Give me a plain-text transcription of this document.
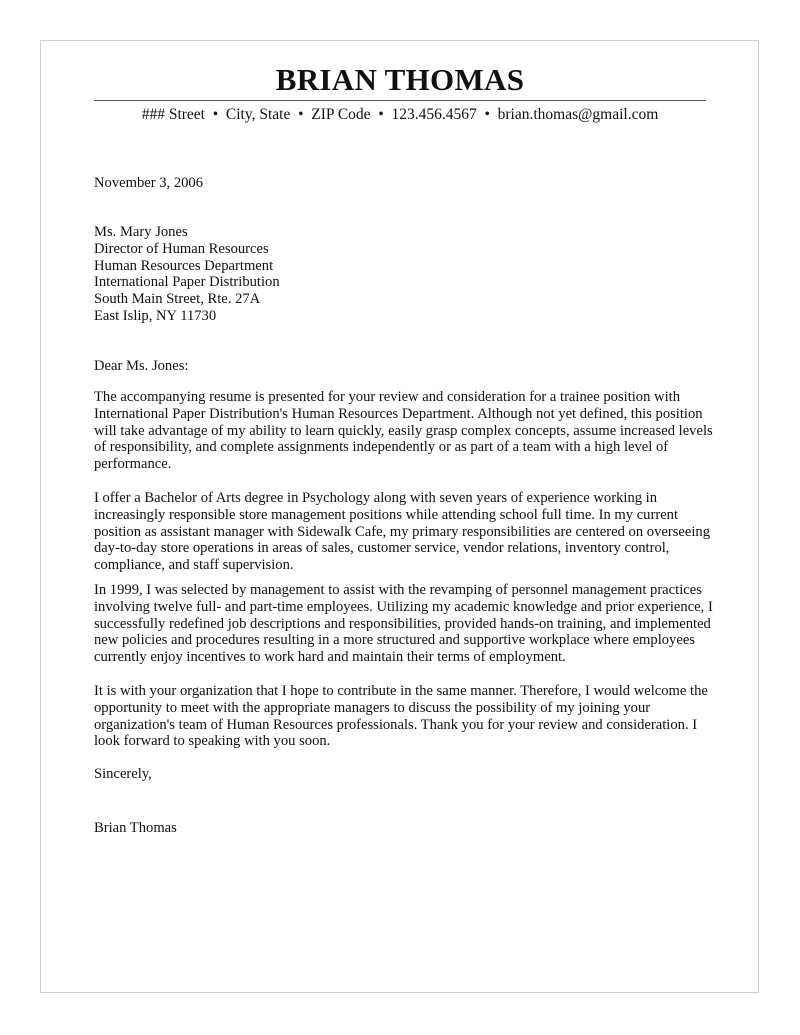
BRIAN THOMAS
### Street  •  City, State  •  ZIP Code  •  123.456.4567  •  brian.thomas@gmail.com
November 3, 2006
Ms. Mary Jones
Director of Human Resources
Human Resources Department
International Paper Distribution
South Main Street, Rte. 27A
East Islip, NY 11730
Dear Ms. Jones:
The accompanying resume is presented for your review and consideration for a trainee position with
International Paper Distribution's Human Resources Department. Although not yet defined, this position
will take advantage of my ability to learn quickly, easily grasp complex concepts, assume increased levels
of responsibility, and complete assignments independently or as part of a team with a high level of
performance.
I offer a Bachelor of Arts degree in Psychology along with seven years of experience working in
increasingly responsible store management positions while attending school full time. In my current
position as assistant manager with Sidewalk Cafe, my primary responsibilities are centered on overseeing
day-to-day store operations in areas of sales, customer service, vendor relations, inventory control,
compliance, and staff supervision.
In 1999, I was selected by management to assist with the revamping of personnel management practices
involving twelve full- and part-time employees. Utilizing my academic knowledge and prior experience, I
successfully redefined job descriptions and responsibilities, provided hands-on training, and implemented
new policies and procedures resulting in a more structured and supportive workplace where employees
currently enjoy incentives to work hard and maintain their terms of employment.
It is with your organization that I hope to contribute in the same manner. Therefore, I would welcome the
opportunity to meet with the appropriate managers to discuss the possibility of my joining your
organization's team of Human Resources professionals. Thank you for your review and consideration. I
look forward to speaking with you soon.
Sincerely,
Brian Thomas
